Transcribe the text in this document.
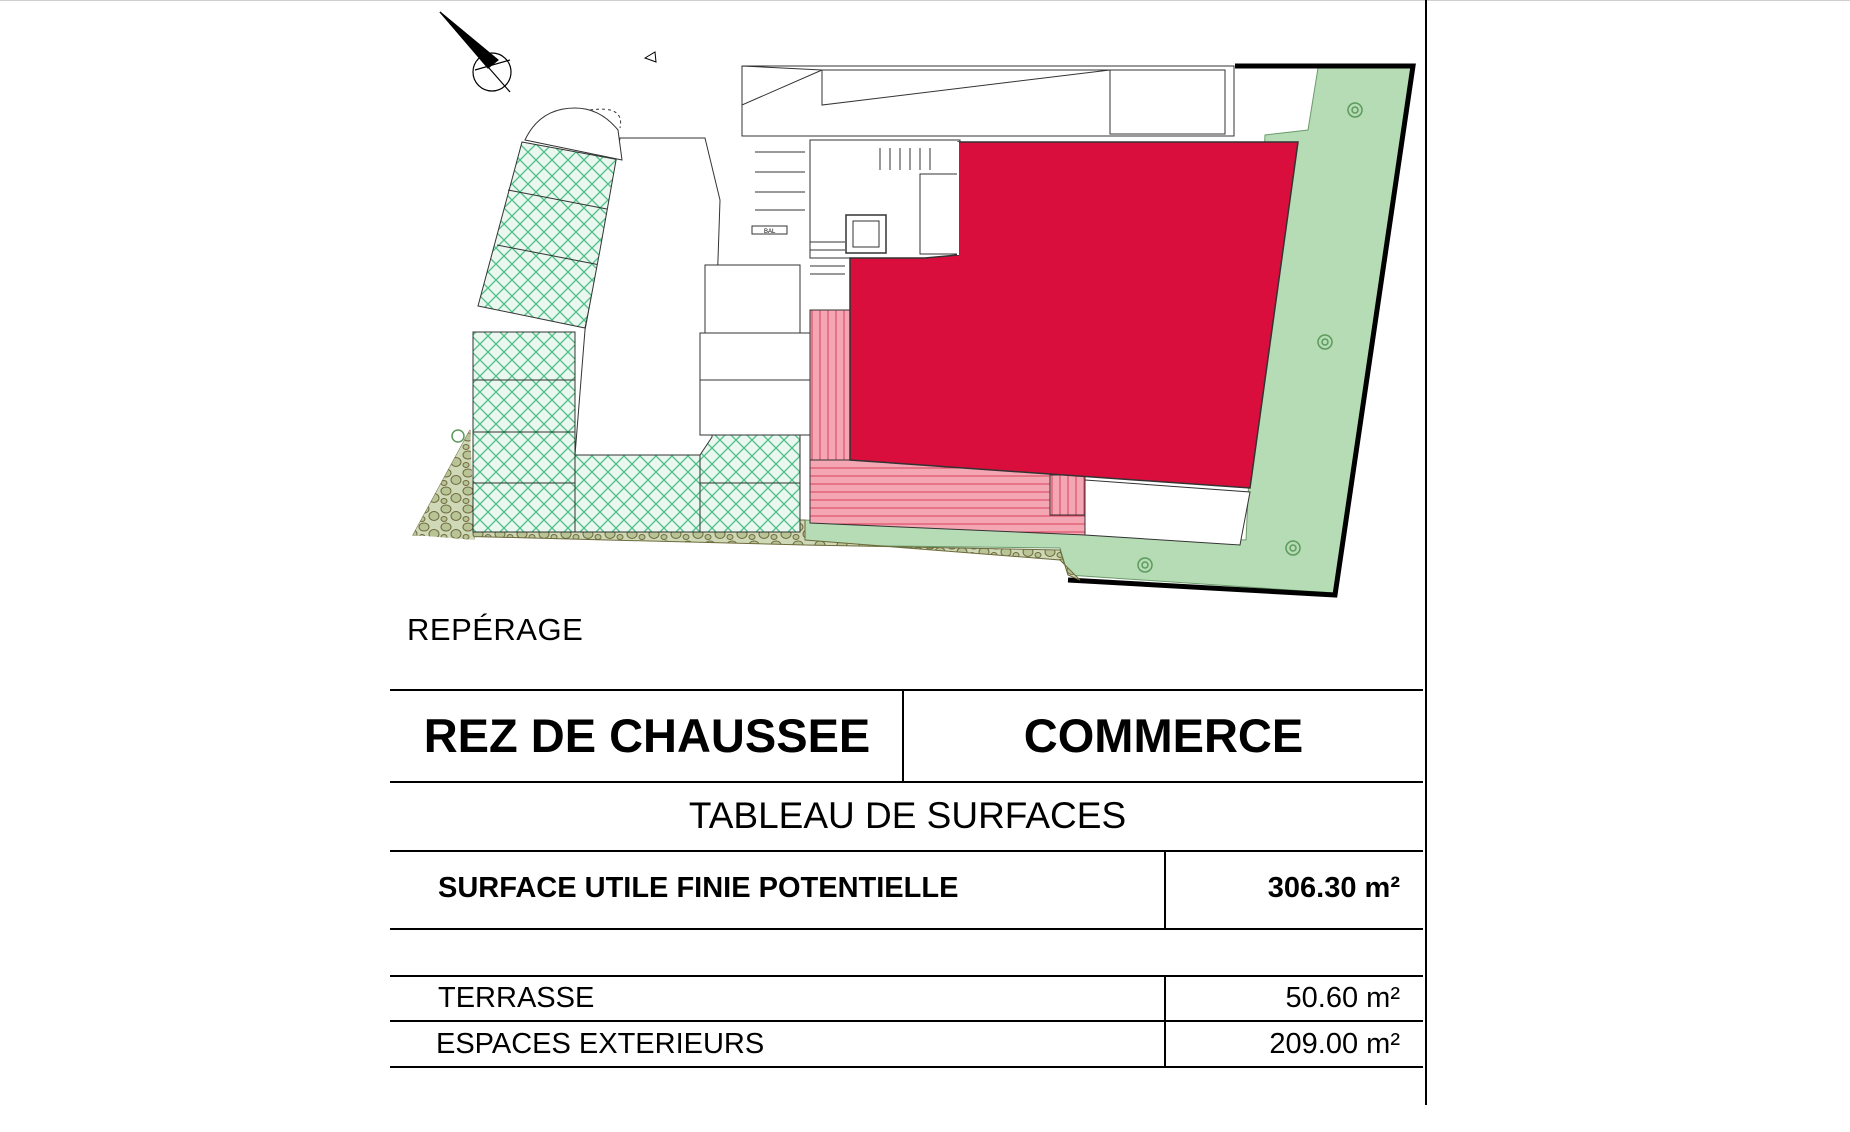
BAL
REPÉRAGE
REZ DE CHAUSSEE	COMMERCE
TABLEAU DE SURFACES
SURFACE UTILE FINIE POTENTIELLE	306.30 m²
TERRASSE	50.60 m²
ESPACES EXTERIEURS	209.00 m²
